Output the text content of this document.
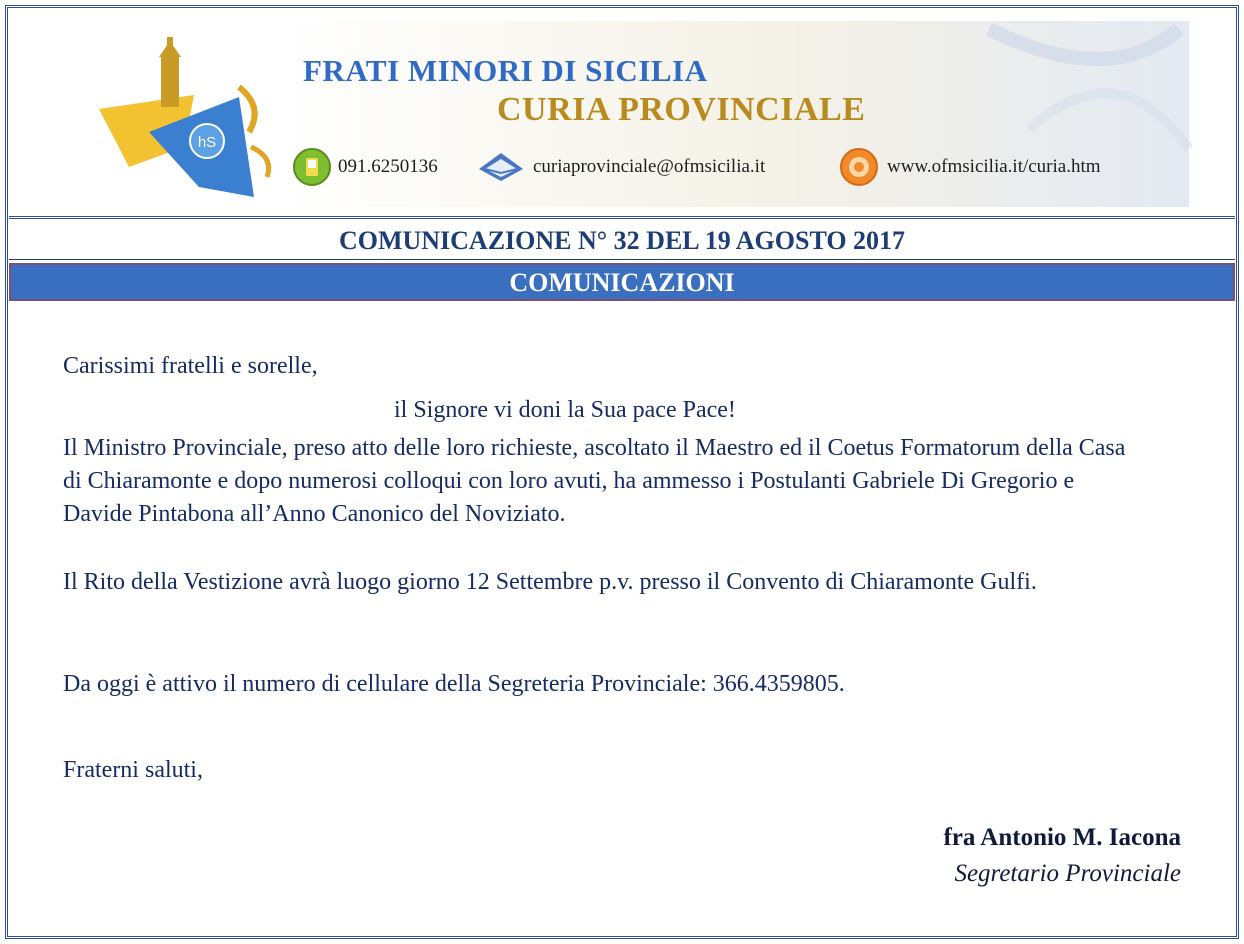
hS
FRATI MINORI DI SICILIA
CURIA PROVINCIALE
091.6250136	curiaprovinciale@ofmsicilia.it	www.ofmsicilia.it/curia.htm
COMUNICAZIONE N° 32 DEL 19 AGOSTO 2017
COMUNICAZIONI

Carissimi fratelli e sorelle,

il Signore vi doni la Sua pace Pace!

Il Ministro Provinciale, preso atto delle loro richieste, ascoltato il Maestro ed il Coetus Formatorum della Casa di Chiaramonte e dopo numerosi colloqui con loro avuti, ha ammesso i Postulanti Gabriele Di Gregorio e Davide Pintabona all’Anno Canonico del Noviziato.

Il Rito della Vestizione avrà luogo giorno 12 Settembre p.v. presso il Convento di Chiaramonte Gulfi.

Da oggi è attivo il numero di cellulare della Segreteria Provinciale: 366.4359805.

Fraterni saluti,

fra Antonio M. Iacona
Segretario Provinciale
